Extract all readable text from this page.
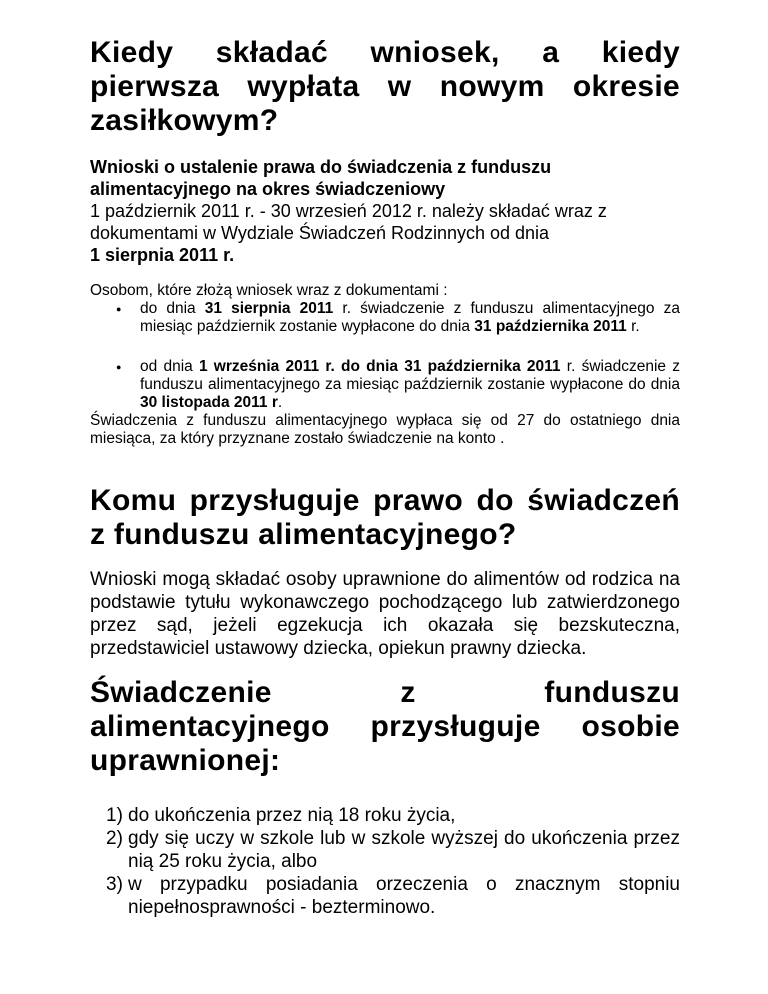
Kiedy składać wniosek, a kiedy pierwsza wypłata w nowym okresie zasiłkowym?
Wnioski o ustalenie prawa do świadczenia z funduszu alimentacyjnego na okres świadczeniowy
1 październik 2011 r. - 30 wrzesień 2012 r. należy składać wraz z dokumentami w Wydziale Świadczeń Rodzinnych od dnia
1 sierpnia 2011 r.
Osobom, które złożą wniosek wraz z dokumentami :
● do dnia 31 sierpnia 2011 r. świadczenie z funduszu alimentacyjnego za miesiąc październik zostanie wypłacone do dnia 31 października 2011 r.
● od dnia 1 września 2011 r. do dnia 31 października 2011 r. świadczenie z funduszu alimentacyjnego za miesiąc październik zostanie wypłacone do dnia 30 listopada 2011 r.
Świadczenia z funduszu alimentacyjnego wypłaca się od 27 do ostatniego dnia miesiąca, za który przyznane zostało świadczenie na konto .
Komu przysługuje prawo do świadczeń z funduszu alimentacyjnego?
Wnioski mogą składać osoby uprawnione do alimentów od rodzica na podstawie tytułu wykonawczego pochodzącego lub zatwierdzonego przez sąd, jeżeli egzekucja ich okazała się bezskuteczna, przedstawiciel ustawowy dziecka, opiekun prawny dziecka.
Świadczenie z funduszu alimentacyjnego przysługuje osobie uprawnionej:
1) do ukończenia przez nią 18 roku życia,
2) gdy się uczy w szkole lub w szkole wyższej do ukończenia przez nią 25 roku życia, albo
3) w przypadku posiadania orzeczenia o znacznym stopniu niepełnosprawności - bezterminowo.
